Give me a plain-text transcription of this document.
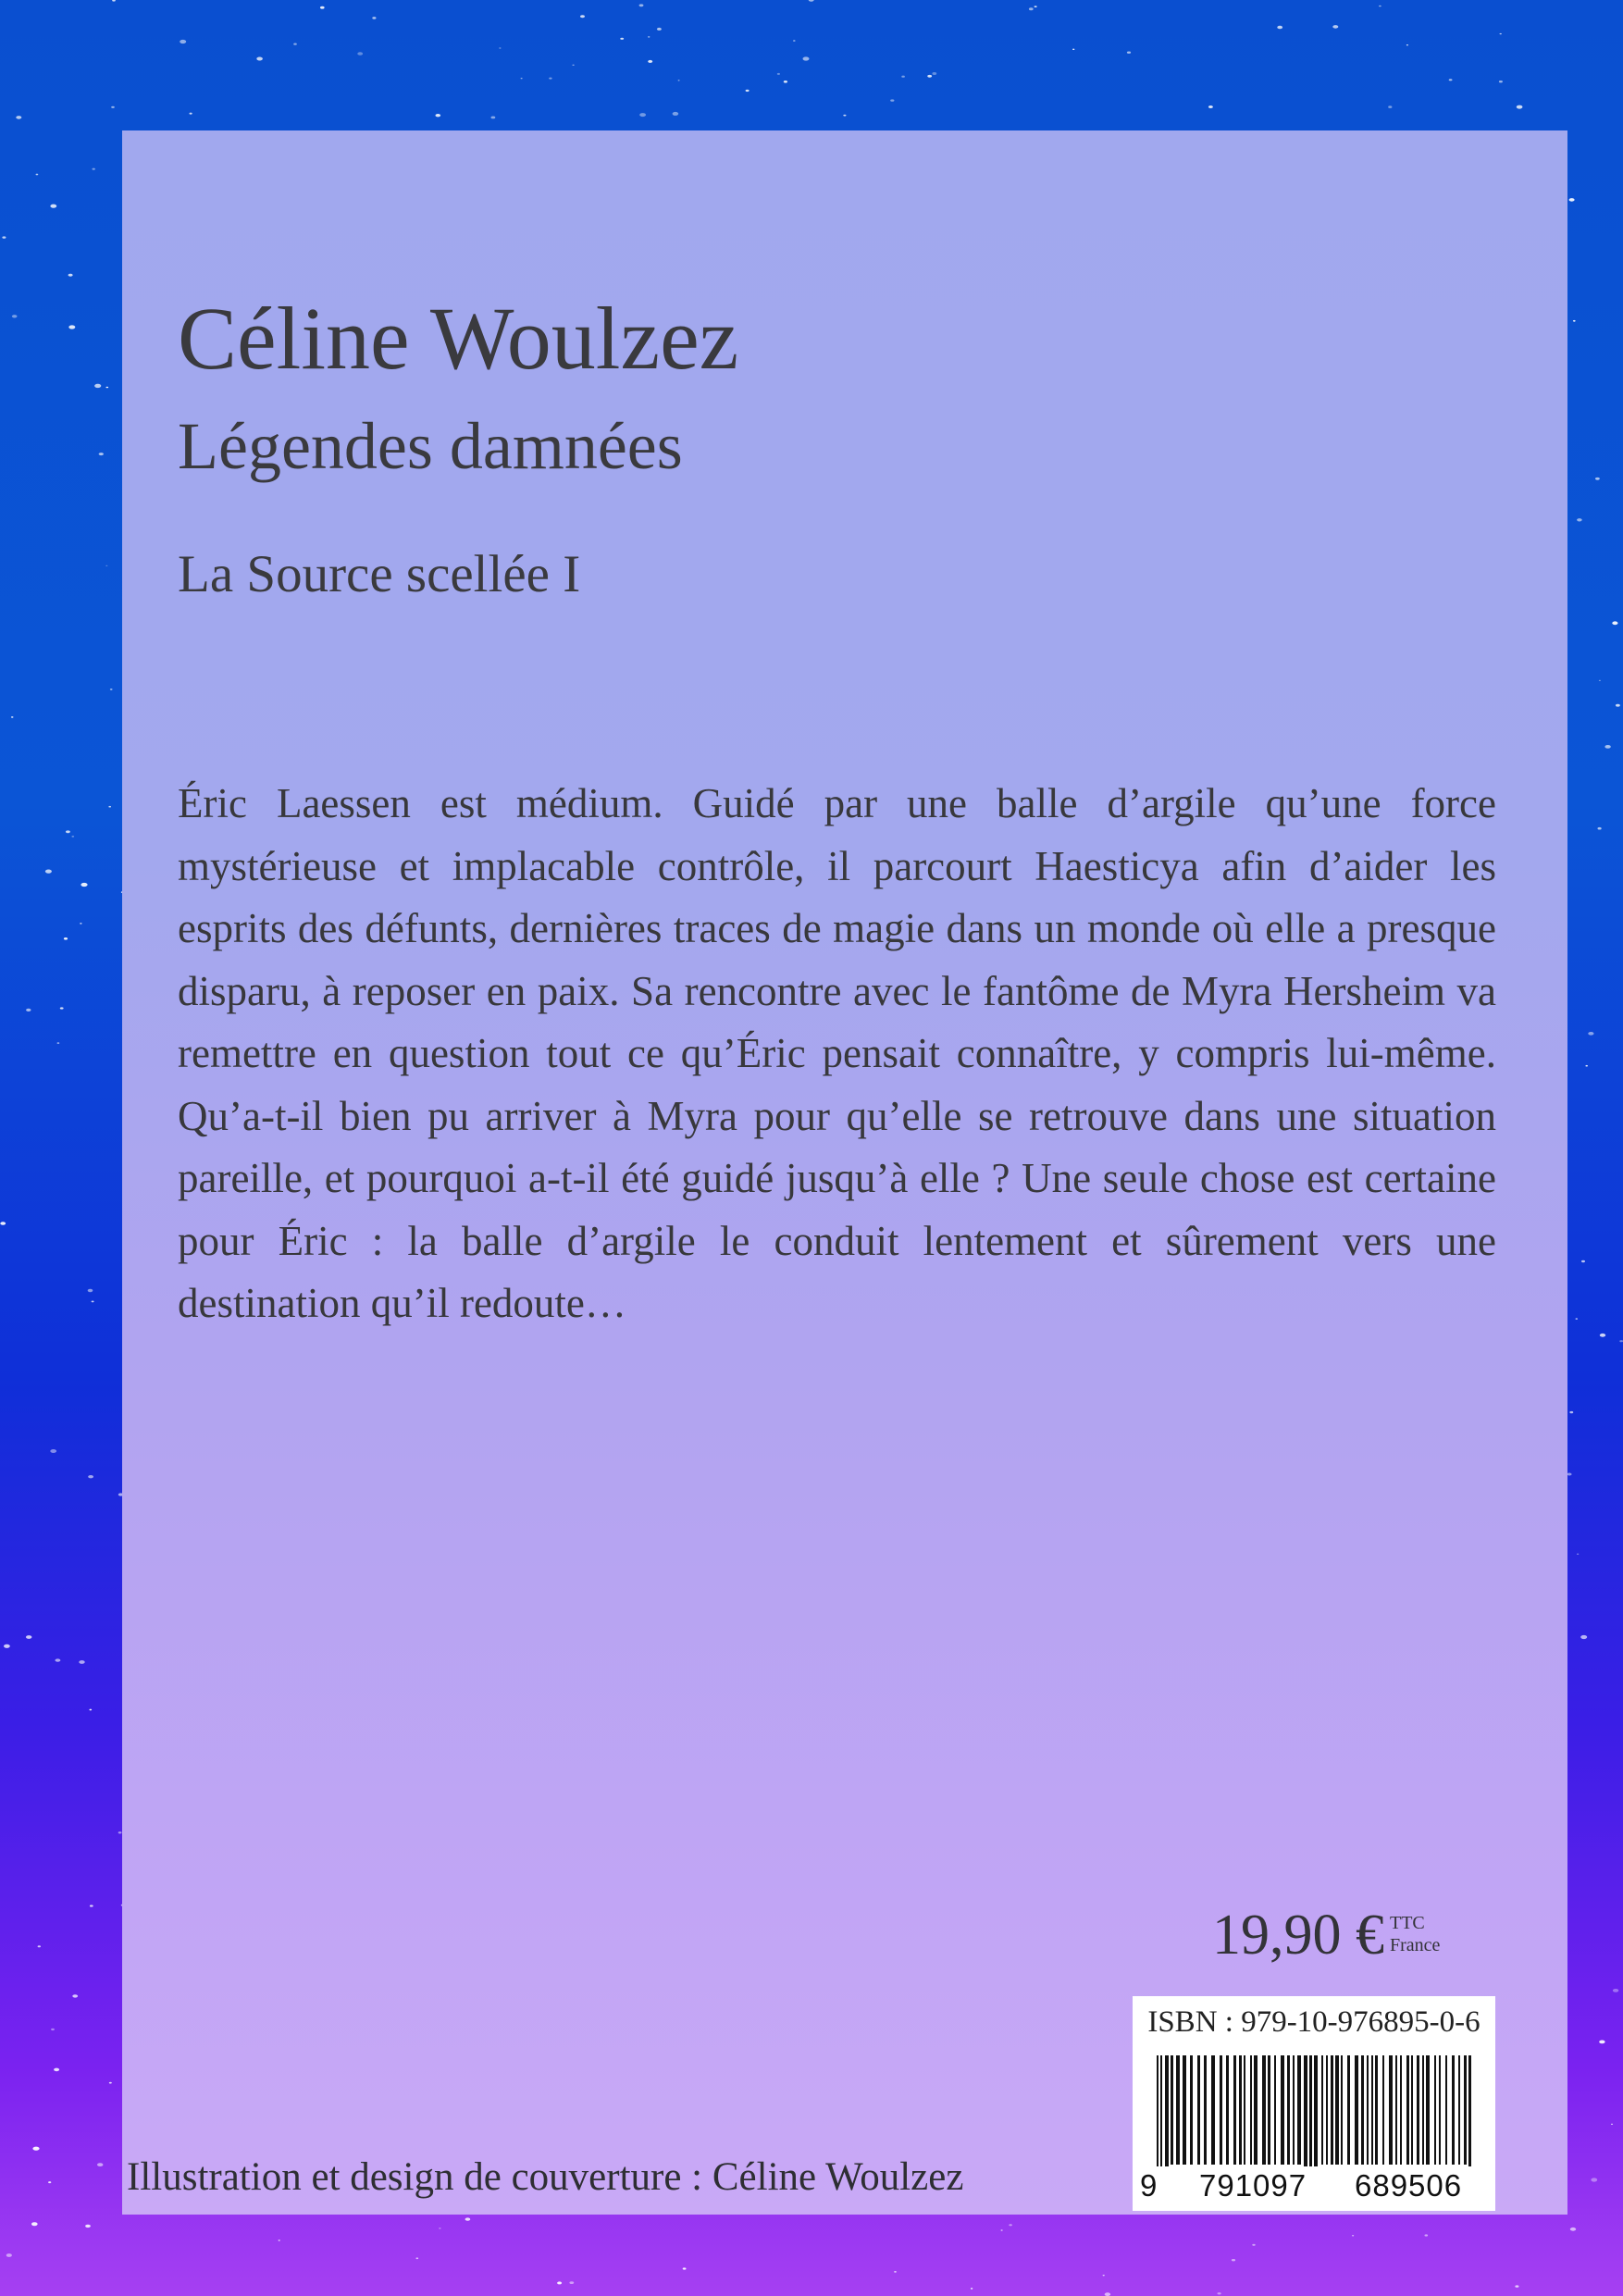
Céline Woulzez
Légendes damnées
La Source scellée I

Éric Laessen est médium. Guidé par une balle d’argile qu’une force mystérieuse et implacable contrôle, il parcourt Haesticya afin d’aider les esprits des défunts, dernières traces de magie dans un monde où elle a presque disparu, à reposer en paix. Sa rencontre avec le fantôme de Myra Hersheim va remettre en question tout ce qu’Éric pensait connaître, y compris lui-même. Qu’a-t-il bien pu arriver à Myra pour qu’elle se retrouve dans une situation pareille, et pourquoi a-t-il été guidé jusqu’à elle ? Une seule chose est certaine pour Éric : la balle d’argile le conduit lentement et sûrement vers une destination qu’il redoute…

19,90 € TTC
France
ISBN : 979-10-976895-0-6
9 791097 689506
Illustration et design de couverture : Céline Woulzez
